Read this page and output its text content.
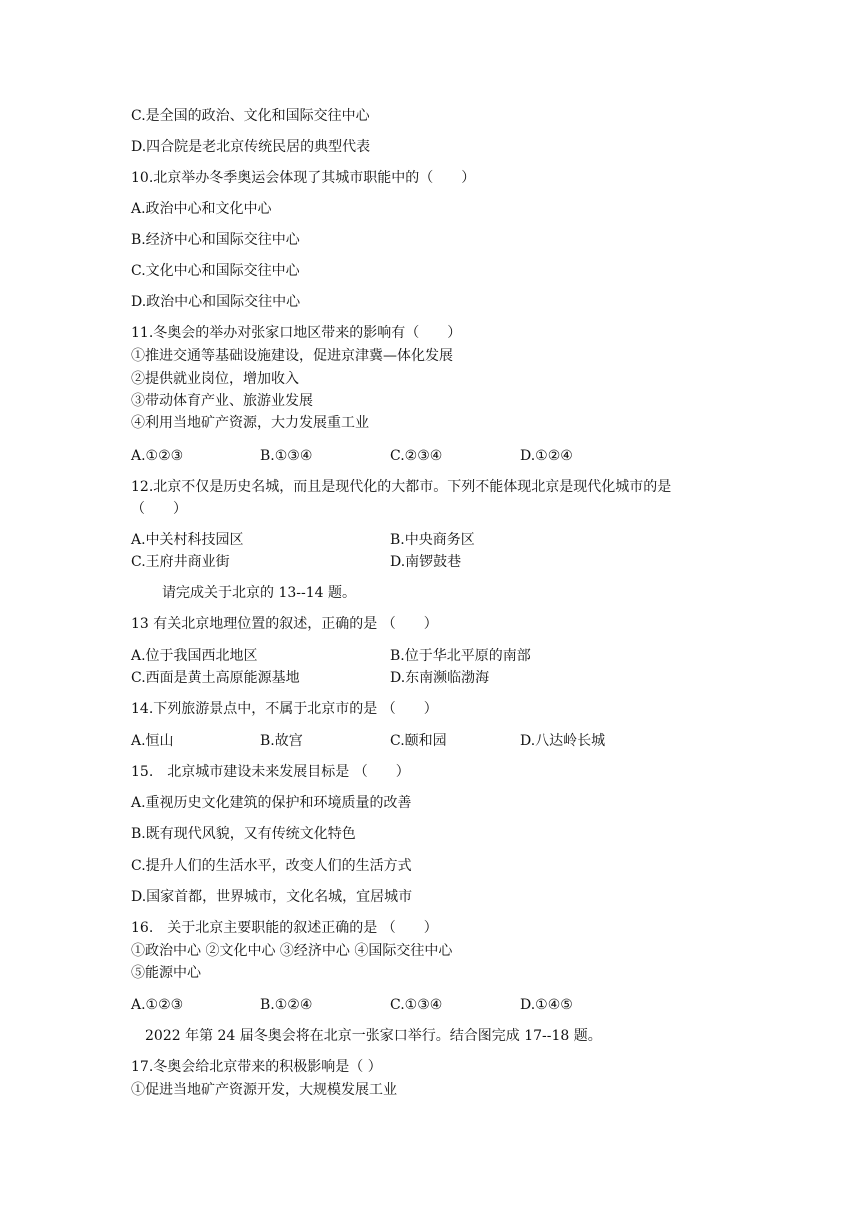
C.是全国的政治、文化和国际交往中心
D.四合院是老北京传统民居的典型代表
10.北京举办冬季奥运会体现了其城市职能中的（　　）
A.政治中心和文化中心
B.经济中心和国际交往中心
C.文化中心和国际交往中心
D.政治中心和国际交往中心
11.冬奥会的举办对张家口地区带来的影响有（　　）
①推进交通等基础设施建设，促进京津冀—体化发展
②提供就业岗位，增加收入
③带动体育产业、旅游业发展
④利用当地矿产资源，大力发展重工业
A.①②③	B.①③④	C.②③④	D.①②④
12.北京不仅是历史名城，而且是现代化的大都市。下列不能体现北京是现代化城市的是
（　　）
A.中关村科技园区	B.中央商务区
C.王府井商业街	D.南锣鼓巷
请完成关于北京的 13--14 题。
13 有关北京地理位置的叙述，正确的是 （　　）
A.位于我国西北地区	B.位于华北平原的南部
C.西面是黄土高原能源基地	D.东南濒临渤海
14.下列旅游景点中，不属于北京市的是 （　　）
A.恒山	B.故宫	C.颐和园	D.八达岭长城
15.　北京城市建设未来发展目标是 （　　）
A.重视历史文化建筑的保护和环境质量的改善
B.既有现代风貌，又有传统文化特色
C.提升人们的生活水平，改变人们的生活方式
D.国家首都，世界城市，文化名城，宜居城市
16.　关于北京主要职能的叙述正确的是 （　　）
①政治中心 ②文化中心 ③经济中心 ④国际交往中心
⑤能源中心
A.①②③	B.①②④	C.①③④	D.①④⑤
2022 年第 24 届冬奥会将在北京一张家口举行。结合图完成 17--18 题。
17.冬奥会给北京带来的积极影响是（ ）
①促进当地矿产资源开发，大规模发展工业
